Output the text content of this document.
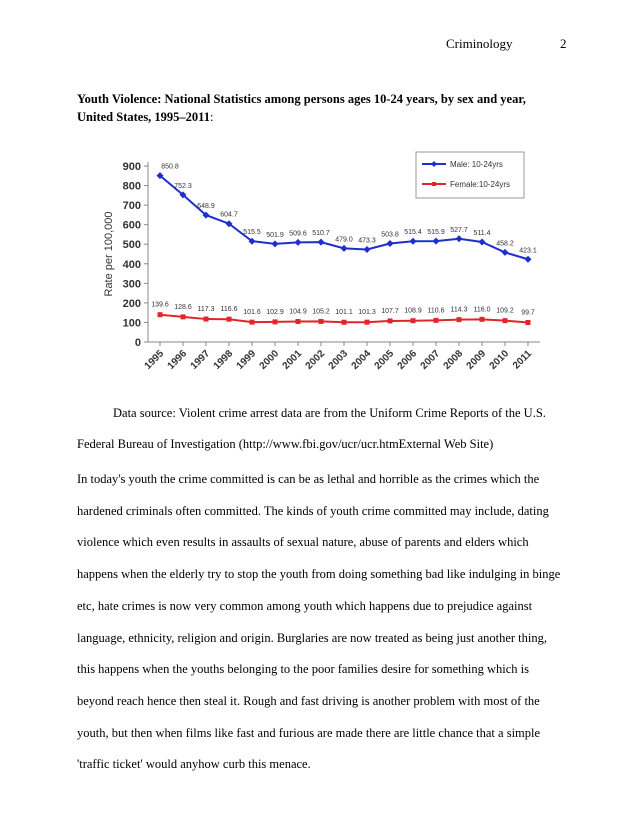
Criminology	2
Youth Violence: National Statistics among persons ages 10-24 years, by sex and year, United States, 1995–2011:
0
100
200
300
400
500
600
700
800
900
Rate per 100,000
1995 1996 1997 1998 1999 2000 2001 2002 2003 2004 2005 2006 2007 2008 2009 2010 2011
850.8
752.3
648.9
604.7
515.5 501.9 509.6 510.7
479.0 473.3
503.8 515.4 515.9 527.7 511.4
458.2
423.1
139.6 128.6 117.3 116.6 101.6 102.9 104.9 105.2 101.1 101.3 107.7 108.9 110.6 114.3 116.0 109.2 99.7
Male: 10-24yrs
Female:10-24yrs
Data source: Violent crime arrest data are from the Uniform Crime Reports of the U.S.
Federal Bureau of Investigation (http://www.fbi.gov/ucr/ucr.htmExternal Web Site)
In today's youth the crime committed is can be as lethal and horrible as the crimes which the
hardened criminals often committed. The kinds of youth crime committed may include, dating
violence which even results in assaults of sexual nature, abuse of parents and elders which
happens when the elderly try to stop the youth from doing something bad like indulging in binge
etc, hate crimes is now very common among youth which happens due to prejudice against
language, ethnicity, religion and origin. Burglaries are now treated as being just another thing,
this happens when the youths belonging to the poor families desire for something which is
beyond reach hence then steal it. Rough and fast driving is another problem with most of the
youth, but then when films like fast and furious are made there are little chance that a simple
'traffic ticket' would anyhow curb this menace.
